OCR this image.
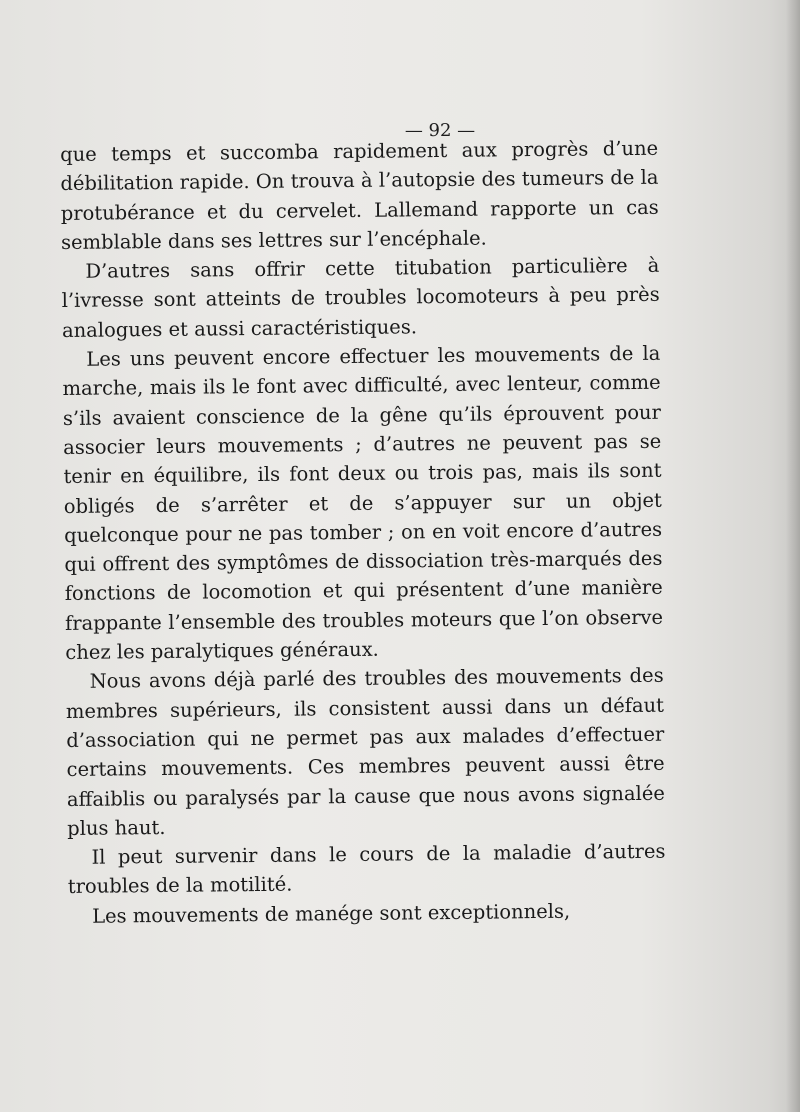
— 92 —

que temps et succomba rapidement aux progrès d’une débilitation rapide. On trouva à l’autopsie des tumeurs de la protubérance et du cervelet. Lallemand rapporte un cas semblable dans ses lettres sur l’encéphale.

D’autres sans offrir cette titubation particulière à l’ivresse sont atteints de troubles locomoteurs à peu près analogues et aussi caractéristiques.

Les uns peuvent encore effectuer les mouvements de la marche, mais ils le font avec difficulté, avec lenteur, comme s’ils avaient conscience de la gêne qu’ils éprouvent pour associer leurs mouvements ; d’autres ne peuvent pas se tenir en équilibre, ils font deux ou trois pas, mais ils sont obligés de s’arrêter et de s’appuyer sur un objet quelconque pour ne pas tomber ; on en voit encore d’autres qui offrent des symptômes de dissociation très-marqués des fonctions de locomotion et qui présentent d’une manière frappante l’ensemble des troubles moteurs que l’on observe chez les paralytiques généraux.

Nous avons déjà parlé des troubles des mouvements des membres supérieurs, ils consistent aussi dans un défaut d’association qui ne permet pas aux malades d’effectuer certains mouvements. Ces membres peuvent aussi être affaiblis ou paralysés par la cause que nous avons signalée plus haut.

Il peut survenir dans le cours de la maladie d’autres troubles de la motilité.

Les mouvements de manége sont exceptionnels,
